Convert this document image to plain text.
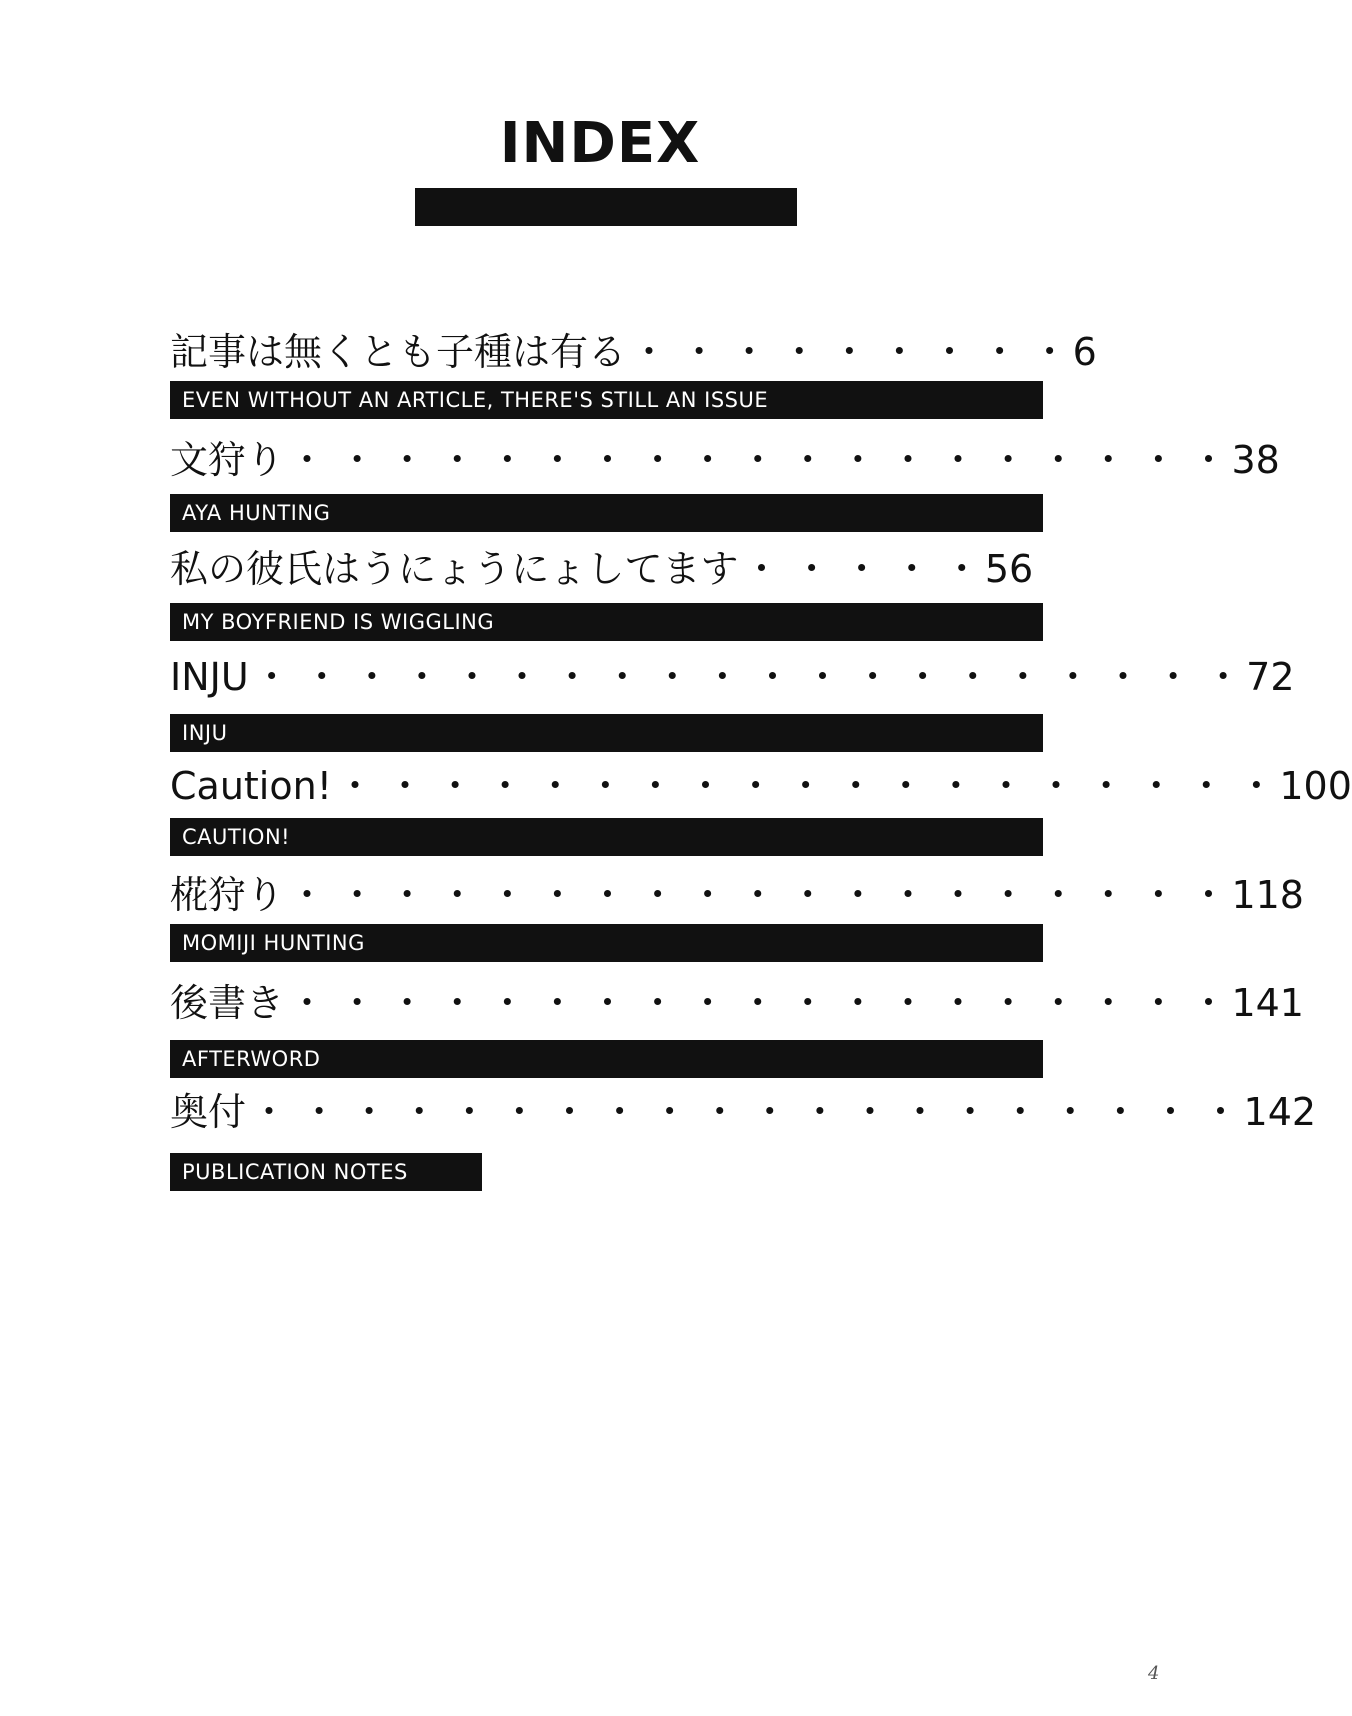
INDEX
記事は無くとも子種は有る ・ ・ ・ ・ ・ ・ ・ ・ ・ 6
EVEN WITHOUT AN ARTICLE, THERE'S STILL AN ISSUE
文狩り ・ ・ ・ ・ ・ ・ ・ ・ ・ ・ ・ ・ ・ ・ ・ ・ ・ ・ ・ 38
AYA HUNTING
私の彼氏はうにょうにょしてます ・ ・ ・ ・ ・ 56
MY BOYFRIEND IS WIGGLING
INJU ・ ・ ・ ・ ・ ・ ・ ・ ・ ・ ・ ・ ・ ・ ・ ・ ・ ・ ・ ・ 72
INJU
Caution! ・ ・ ・ ・ ・ ・ ・ ・ ・ ・ ・ ・ ・ ・ ・ ・ ・ ・ ・ 100
CAUTION!
椛狩り ・ ・ ・ ・ ・ ・ ・ ・ ・ ・ ・ ・ ・ ・ ・ ・ ・ ・ ・ 118
MOMIJI HUNTING
後書き ・ ・ ・ ・ ・ ・ ・ ・ ・ ・ ・ ・ ・ ・ ・ ・ ・ ・ ・ 141
AFTERWORD
奥付 ・ ・ ・ ・ ・ ・ ・ ・ ・ ・ ・ ・ ・ ・ ・ ・ ・ ・ ・ ・ 142
PUBLICATION NOTES
4
